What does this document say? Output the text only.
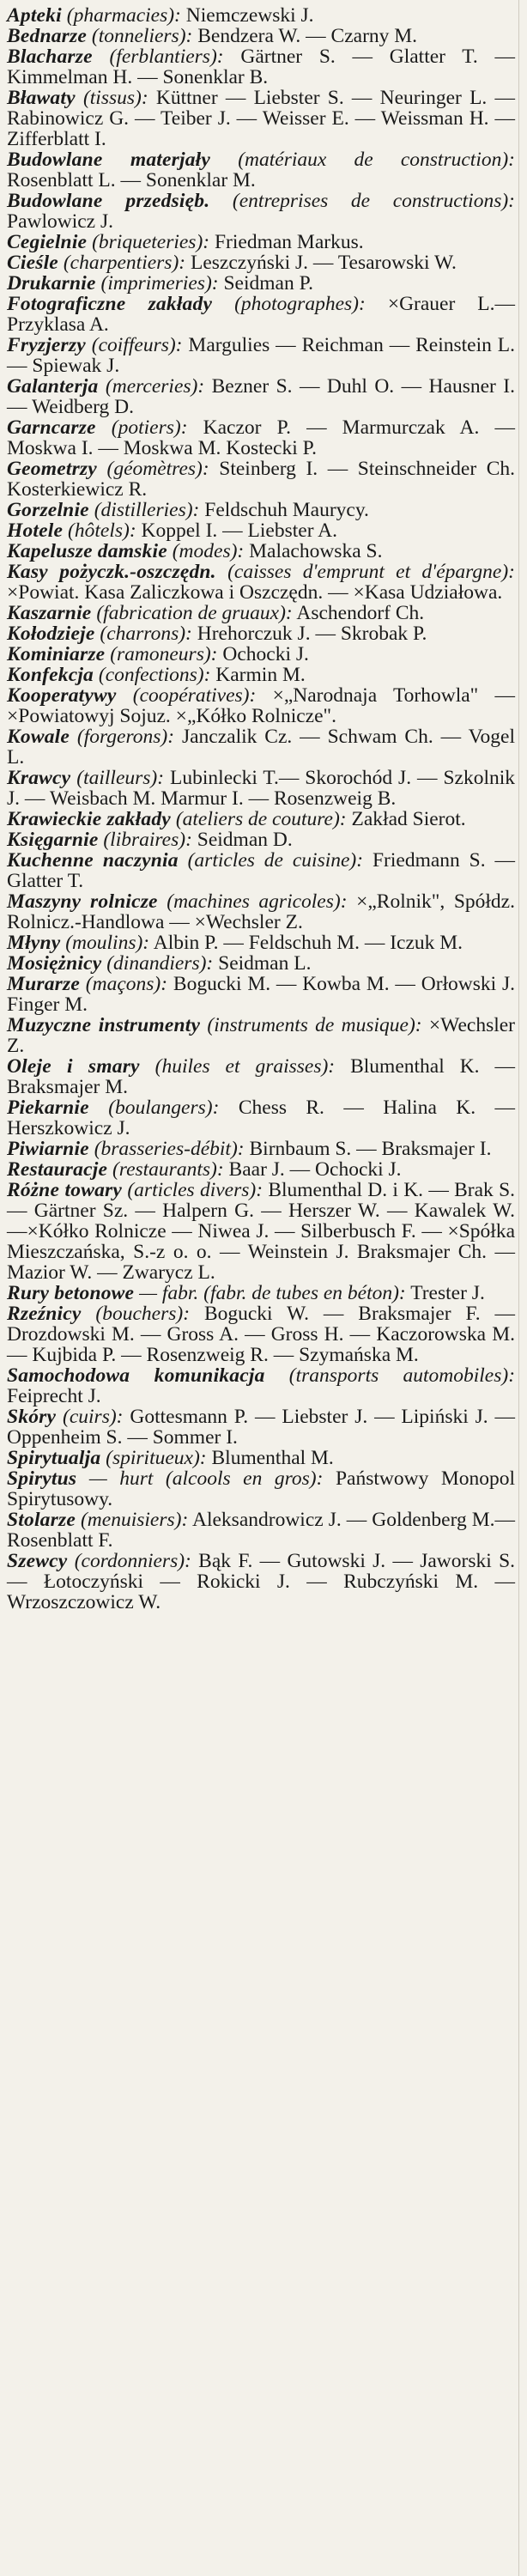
Apteki (pharmacies): Niemczewski J.

Bednarze (tonneliers): Bendzera W. — Czarny M.

Blacharze (ferblantiers): Gärtner S. — Glatter T. — Kimmelman H. — Sonenklar B.

Bławaty (tissus): Küttner — Liebster S. — Neuringer L. — Rabinowicz G. — Teiber J. — Weisser E. — Weissman H. — Zifferblatt I.

Budowlane materjały (matériaux de construction): Rosenblatt L. — Sonenklar M.

Budowlane przedsięb. (entreprises de constructions): Pawlowicz J.

Cegielnie (briqueteries): Friedman Markus.

Cieśle (charpentiers): Leszczyński J. — Tesarowski W.

Drukarnie (imprimeries): Seidman P.

Fotograficzne zakłady (photographes): ×Grauer L.— Przyklasa A.

Fryzjerzy (coiffeurs): Margulies — Reichman — Reinstein L. — Spiewak J.

Galanterja (merceries): Bezner S. — Duhl O. — Hausner I. — Weidberg D.

Garncarze (potiers): Kaczor P. — Marmurczak A. — Moskwa I. — Moskwa M. Kostecki P.

Geometrzy (géomètres): Steinberg I. — Steinschneider Ch. Kosterkiewicz R.

Gorzelnie (distilleries): Feldschuh Maurycy.

Hotele (hôtels): Koppel I. — Liebster A.

Kapelusze damskie (modes): Malachowska S.

Kasy pożyczk.-oszczędn. (caisses d'emprunt et d'épargne): ×Powiat. Kasa Zaliczkowa i Oszczędn. — ×Kasa Udziałowa.

Kaszarnie (fabrication de gruaux): Aschendorf Ch.

Kołodzieje (charrons): Hrehorczuk J. — Skrobak P.

Kominiarze (ramoneurs): Ochocki J.

Konfekcja (confections): Karmin M.

Kooperatywy (coopératives): ×„Narodnaja Torhowla" — ×Powiatowyj Sojuz. ×„Kółko Rolnicze".

Kowale (forgerons): Janczalik Cz. — Schwam Ch. — Vogel L.

Krawcy (tailleurs): Lubinlecki T.— Skorochód J. — Szkolnik J. — Weisbach M. Marmur I. — Rosenzweig B.

Krawieckie zakłady (ateliers de couture): Zakład Sierot.

Księgarnie (libraires): Seidman D.

Kuchenne naczynia (articles de cuisine): Friedmann S. — Glatter T.

Maszyny rolnicze (machines agricoles): ×„Rolnik", Spółdz. Rolnicz.-Handlowa — ×Wechsler Z.

Młyny (moulins): Albin P. — Feldschuh M. — Iczuk M.

Mosiężnicy (dinandiers): Seidman L.

Murarze (maçons): Bogucki M. — Kowba M. — Orłowski J. Finger M.

Muzyczne instrumenty (instruments de musique): ×Wechsler Z.

Oleje i smary (huiles et graisses): Blumenthal K. — Braksmajer M.

Piekarnie (boulangers): Chess R. — Halina K. — Herszkowicz J.

Piwiarnie (brasseries-débit): Birnbaum S. — Braksmajer I.

Restauracje (restaurants): Baar J. — Ochocki J.

Różne towary (articles divers): Blumenthal D. i K. — Brak S. — Gärtner Sz. — Halpern G. — Herszer W. — Kawalek W. —×Kółko Rolnicze — Niwea J. — Silberbusch F. — ×Spółka Mieszczańska, S.-z o. o. — Weinstein J. Braksmajer Ch. — Mazior W. — Zwarycz L.

Rury betonowe — fabr. (fabr. de tubes en béton): Trester J.

Rzeźnicy (bouchers): Bogucki W. — Braksmajer F. — Drozdowski M. — Gross A. — Gross H. — Kaczorowska M. — Kujbida P. — Rosenzweig R. — Szymańska M.

Samochodowa komunikacja (transports automobiles): Feiprecht J.

Skóry (cuirs): Gottesmann P. — Liebster J. — Lipiński J. — Oppenheim S. — Sommer I.

Spirytualja (spiritueux): Blumenthal M.

Spirytus — hurt (alcools en gros): Państwowy Monopol Spirytusowy.

Stolarze (menuisiers): Aleksandrowicz J. — Goldenberg M.—Rosenblatt F.

Szewcy (cordonniers): Bąk F. — Gutowski J. — Jaworski S. — Łotoczyński — Rokicki J. — Rubczyński M. — Wrzoszczowicz W.
